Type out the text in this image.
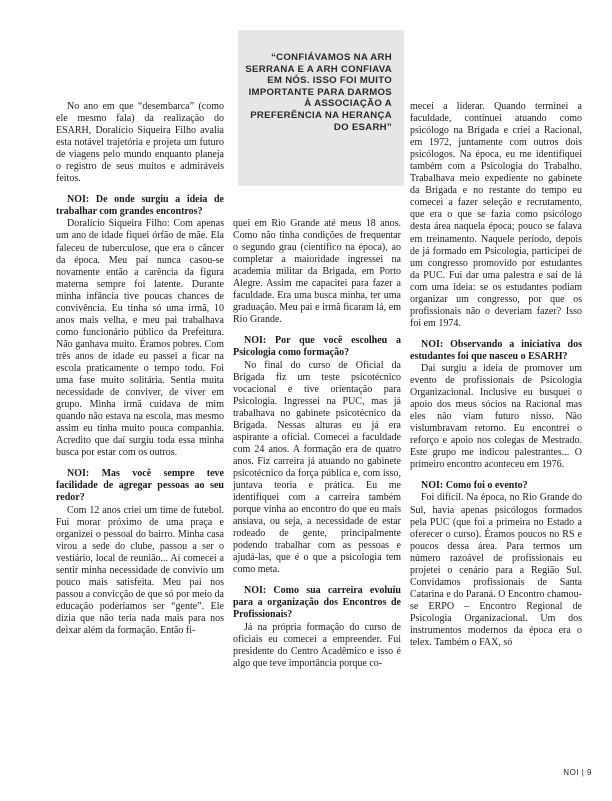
“CONFIÁVAMOS NA ARH SERRANA E A ARH CONFIAVA EM NÓS. ISSO FOI MUITO IMPORTANTE PARA DARMOS À ASSOCIAÇÃO A PREFERÊNCIA NA HERANÇA DO ESARH”

No ano em que “desembarca” (como ele mesmo fala) da realização do ESARH, Doralício Siqueira Filho avalia esta notável trajetória e projeta um futuro de viagens pelo mundo enquanto planeja o registro de seus muitos e admiráveis feitos.

NOI: De onde surgiu a ideia de trabalhar com grandes encontros?

Doralício Siqueira Filho: Com apenas um ano de idade fiquei órfão de mãe. Ela faleceu de tuberculose, que era o câncer da época. Meu pai nunca casou-se novamente então a carência da figura materna sempre foi latente. Durante minha infância tive poucas chances de convivência. Eu tinha só uma irmã, 10 anos mais velha, e meu pai trabalhava como funcionário público da Prefeitura. Não ganhava muito. Éramos pobres. Com três anos de idade eu passei a ficar na escola praticamente o tempo todo. Foi uma fase muito solitária. Sentia muita necessidade de conviver, de viver em grupo. Minha irmã cuidava de mim quando não estava na escola, mas mesmo assim eu tinha muito pouca companhia. Acredito que daí surgiu toda essa minha busca por estar com os outros.

NOI: Mas você sempre teve facilidade de agregar pessoas ao seu redor?

Com 12 anos criei um time de futebol. Fui morar próximo de uma praça e organizei o pessoal do bairro. Minha casa virou a sede do clube, passou a ser o vestiário, local de reunião... Aí comecei a sentir minha necessidade de convívio um pouco mais satisfeita. Meu pai nos passou a convicção de que só por meio da educação poderíamos ser “gente”. Ele dizia que não teria nada mais para nos deixar além da formação. Então fi-

quei em Rio Grande até meus 18 anos. Como não tinha condições de frequentar o segundo grau (científico na época), ao completar a maioridade ingressei na academia militar da Brigada, em Porto Alegre. Assim me capacitei para fazer a faculdade. Era uma busca minha, ter uma graduação. Meu pai e irmã ficaram lá, em Rio Grande.

NOI: Por que você escolheu a Psicologia como formação?

No final do curso de Oficial da Brigada fiz um teste psicotécnico vocacional e tive orientação para Psicologia. Ingressei na PUC, mas já trabalhava no gabinete psicotécnico da Brigada. Nessas alturas eu já era aspirante a oficial. Comecei a faculdade com 24 anos. A formação era de quatro anos. Fiz carreira já atuando no gabinete psicotécnico da força pública e, com isso, juntava teoria e prática. Eu me identifiquei com a carreira também porque vinha ao encontro do que eu mais ansiava, ou seja, a necessidade de estar rodeado de gente, principalmente podendo trabalhar com as pessoas e ajudá-las, que é o que a psicologia tem como meta.

NOI: Como sua carreira evoluiu para a organização dos Encontros de Profissionais?

Já na própria formação do curso de oficiais eu comecei a empreender. Fui presidente do Centro Acadêmico e isso é algo que teve importância porque co-

mecei a liderar. Quando terminei a faculdade, continuei atuando como psicólogo na Brigada e criei a Racional, em 1972, juntamente com outros dois psicólogos. Na época, eu me identifiquei também com a Psicologia do Trabalho. Trabalhava meio expediente no gabinete da Brigada e no restante do tempo eu comecei a fazer seleção e recrutamento, que era o que se fazia como psicólogo desta área naquela época; pouco se falava em treinamento. Naquele período, depois de já formado em Psicologia, participei de um congresso promovido por estudantes da PUC. Fui dar uma palestra e saí de lá com uma ideia: se os estudantes podiam organizar um congresso, por que os profissionais não o deveriam fazer? Isso foi em 1974.

NOI: Observando a iniciativa dos estudantes foi que nasceu o ESARH?

Daí surgiu a ideia de promover um evento de profissionais de Psicologia Organizacional. Inclusive eu busquei o apoio dos meus sócios na Racional mas eles não viam futuro nisso. Não vislumbravam retorno. Eu encontrei o reforço e apoio nos colegas de Mestrado. Este grupo me indicou palestrantes... O primeiro encontro aconteceu em 1976.

NOI: Como foi o evento?

Foi difícil. Na época, no Rio Grande do Sul, havia apenas psicólogos formados pela PUC (que foi a primeira no Estado a oferecer o curso). Éramos poucos no RS e poucos dessa área. Para termos um número razoável de profissionais eu projetei o cenário para a Região Sul. Convidamos profissionais de Santa Catarina e do Paraná. O Encontro chamou-se ERPO – Encontro Regional de Psicologia Organizacional. Um dos instrumentos modernos da época era o telex. Também o FAX, só

NOI | 9
